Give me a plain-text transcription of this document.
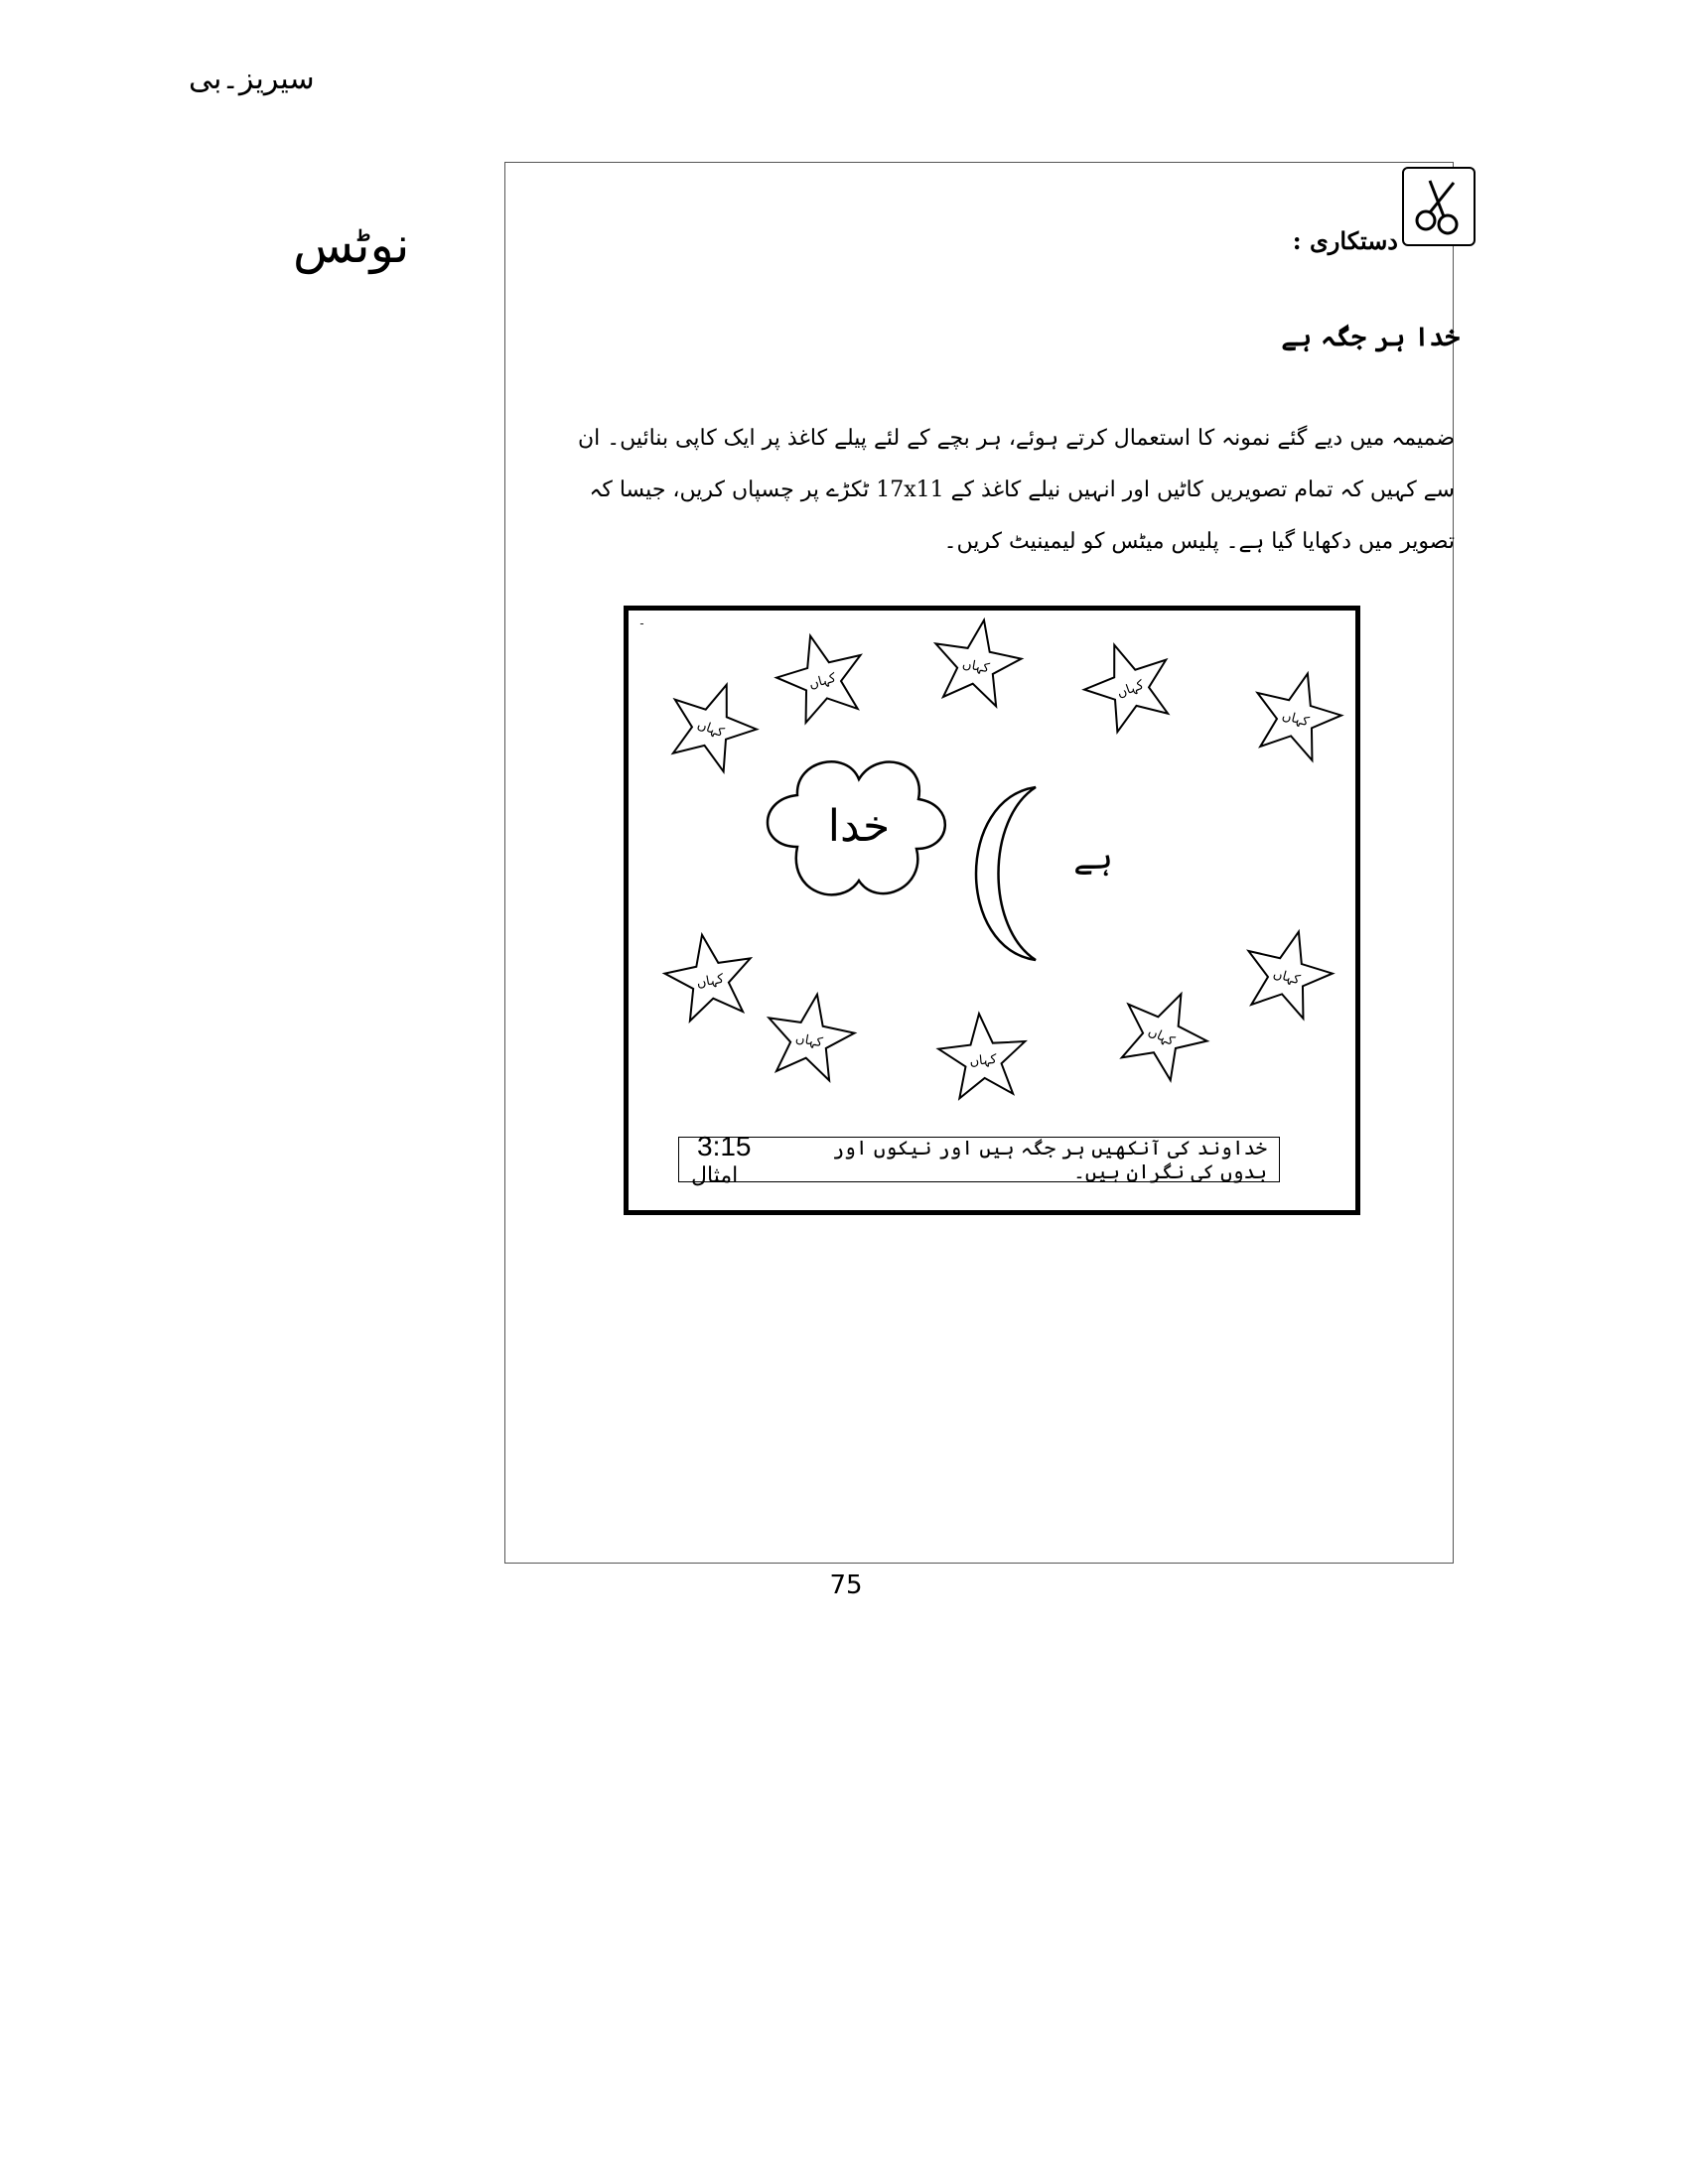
سیریز۔بی
نوٹس	دستکاری :
خدا ہر جگہ ہے
ضمیمہ میں دیے گئے نمونہ کا استعمال کرتے ہوئے، ہر بچے کے لئے پیلے کاغذ پر ایک کاپی بنائیں۔ ان سے کہیں کہ تمام تصویریں کاٹیں اور انہیں نیلے کاغذ کے 17x11 ٹکڑے پر چسپاں کریں، جیسا کہ تصویر میں دکھایا گیا ہے۔ پلیس میٹس کو لیمینیٹ کریں۔
کہاں
کہاں
کہاں
کہاں
کہاں
کہاں	کہاں
کہاں
کہاں
کہاں
خدا
ہے
ـ
خداوند کی آنکھیں ہر جگہ ہیں اور نیکوں اور بدوں کی نگران ہیں۔
3:15 امثال
75
